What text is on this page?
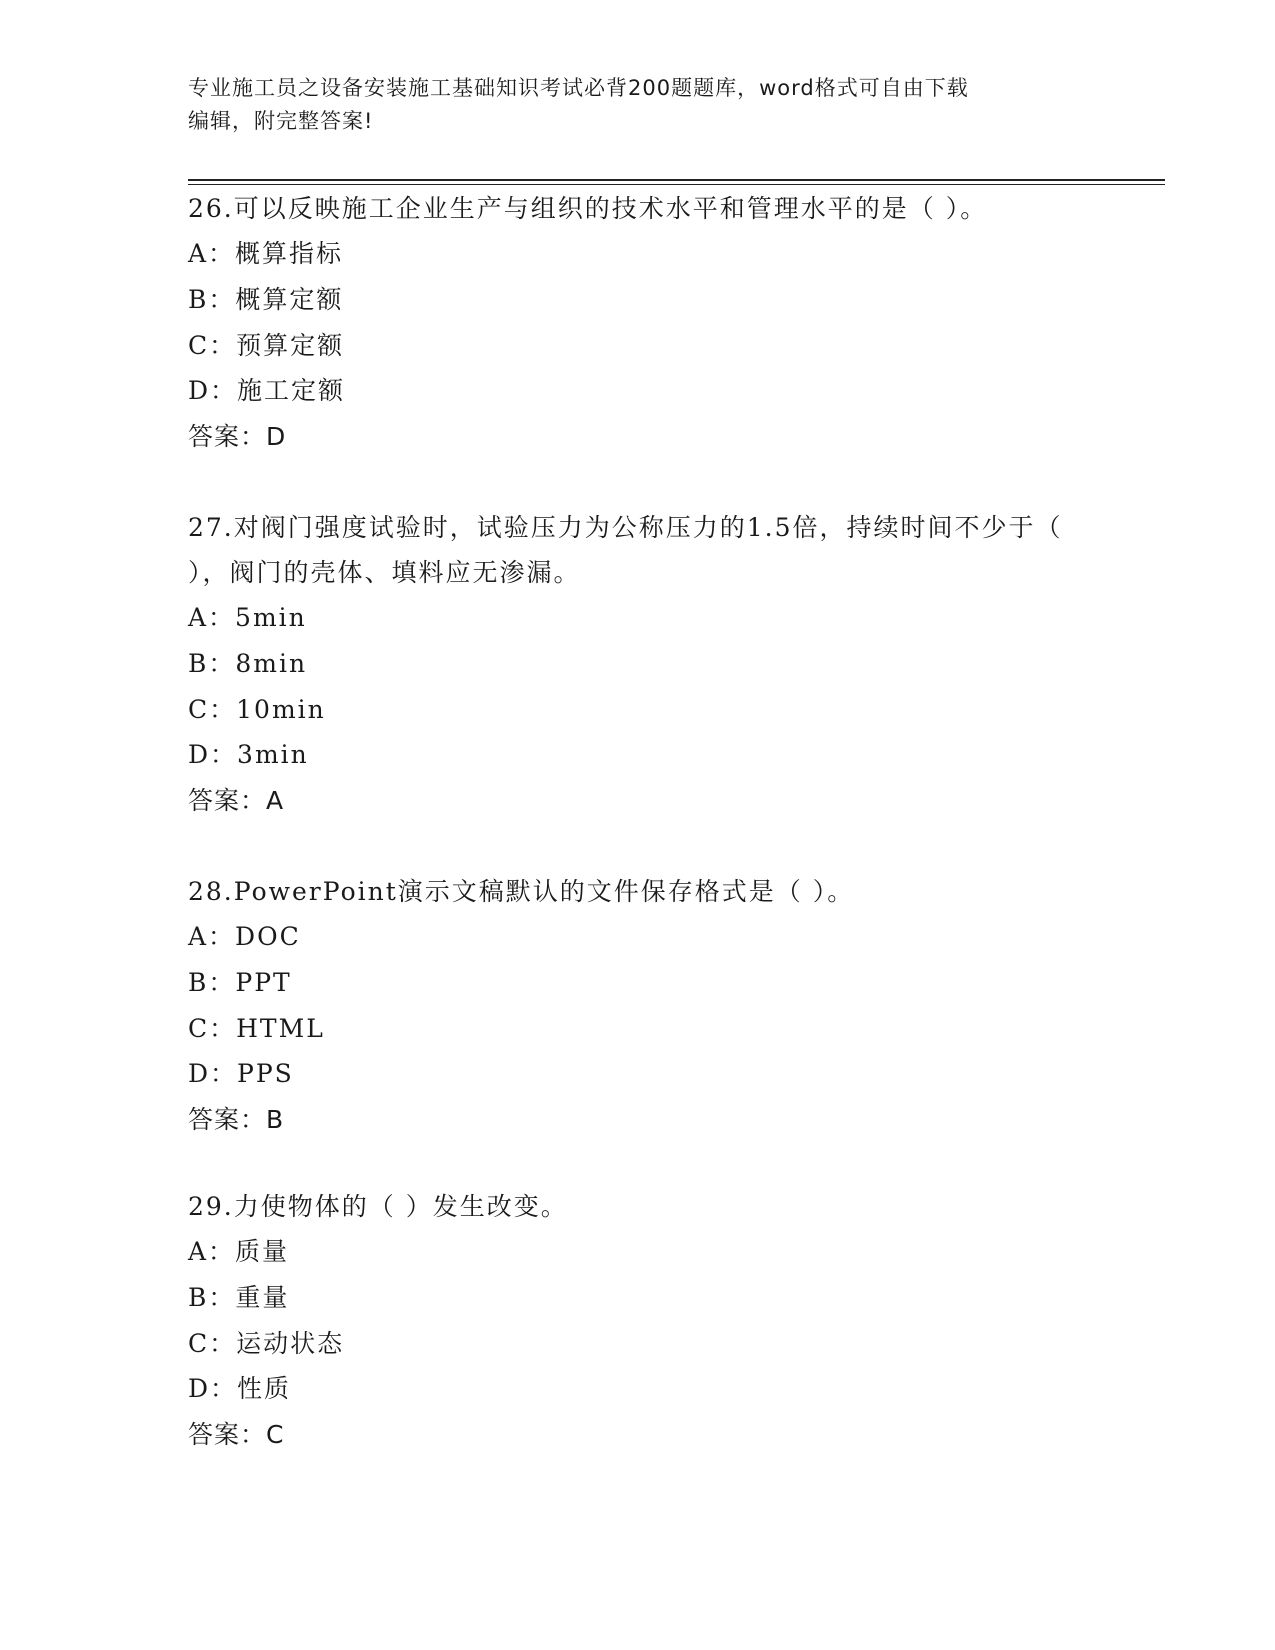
专业施工员之设备安装施工基础知识考试必背200题题库，word格式可自由下载
编辑，附完整答案!
26.可以反映施工企业生产与组织的技术水平和管理水平的是（ ）。
A：概算指标
B：概算定额
C：预算定额
D：施工定额
答案：D
27.对阀门强度试验时，试验压力为公称压力的1.5倍，持续时间不少于（ ），阀门的壳体、填料应无渗漏。
A：5min
B：8min
C：10min
D：3min
答案：A
28.PowerPoint演示文稿默认的文件保存格式是（ ）。
A：DOC
B：PPT
C：HTML
D：PPS
答案：B
29.力使物体的（ ）发生改变。
A：质量
B：重量
C：运动状态
D：性质
答案：C
